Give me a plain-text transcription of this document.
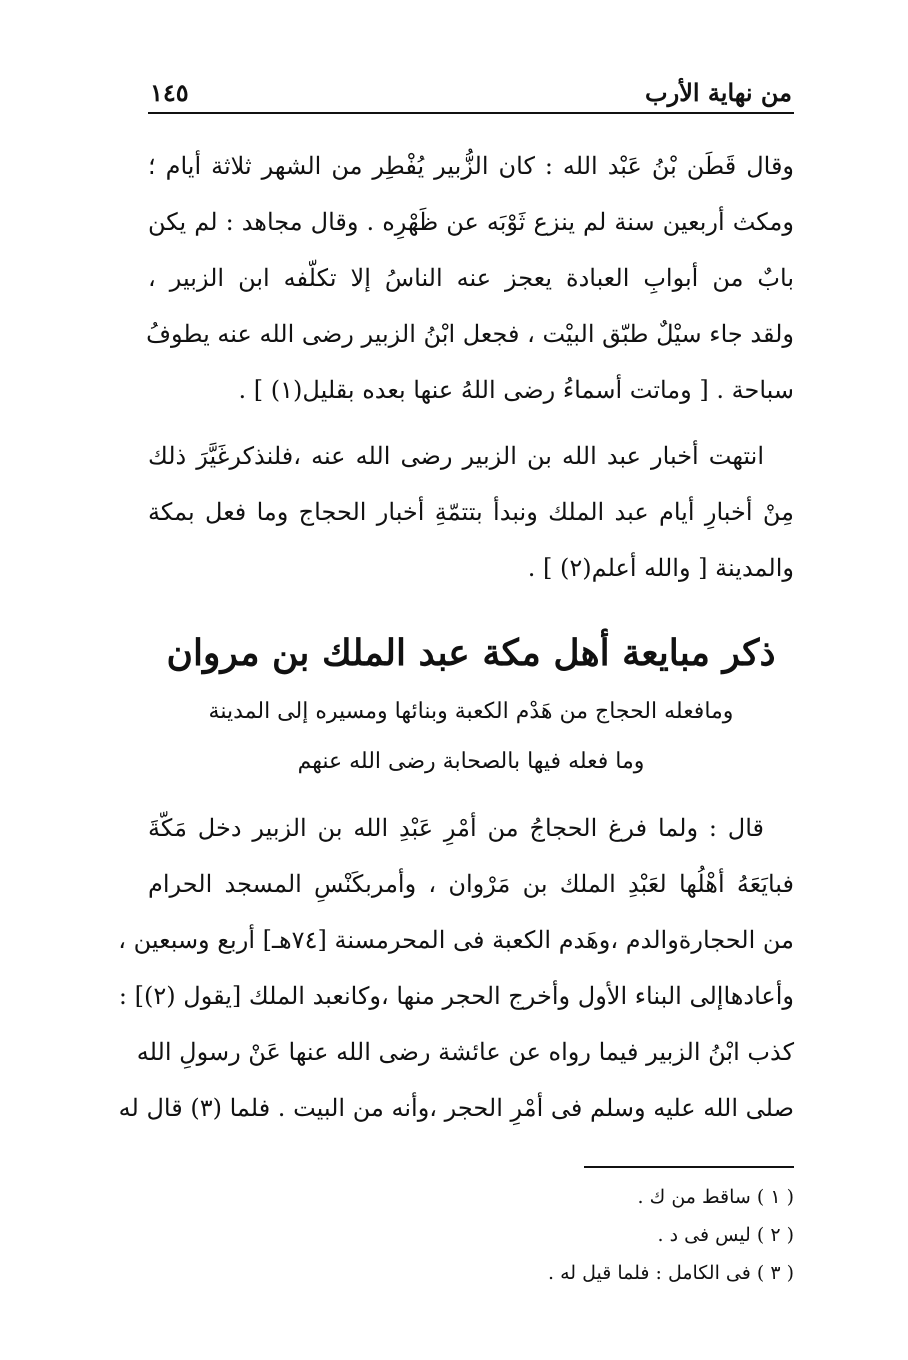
١٤٥	من نهاية الأرب
وقال قَطَن بْنُ عَبْد الله : كان الزُّبير يُفْطِر من الشهر ثلاثة أيام ؛
ومكث أربعين سنة لم ينزع ثَوْبَه عن ظَهْرِه . وقال مجاهد : لم يكن
بابٌ من أبوابِ العبادة يعجز عنه الناسُ إلا تكلّفه ابن الزبير ،
ولقد جاء سيْلٌ طبّق البيْت ، فجعل ابْنُ الزبير رضى الله عنه يطوفُ
سباحة . [ وماتت أسماءُ رضى اللهُ عنها بعده بقليل(١) ] .
انتهت أخبار عبد الله بن الزبير رضى الله عنه ،فلنذكرغَيَّرَ ذلك
مِنْ أخبارِ أيام عبد الملك ونبدأ بتتمّةِ أخبار الحجاج وما فعل بمكة
والمدينة [ والله أعلم(٢) ] .
ذكر مبايعة أهل مكة عبد الملك بن مروان
ومافعله الحجاج من هَدْم الكعبة وبنائها ومسيره إلى المدينة
وما فعله فيها بالصحابة رضى الله عنهم
قال : ولما فرغ الحجاجُ من أمْرِ عَبْدِ الله بن الزبير دخل مَكّةَ
فبايَعَهُ أهْلُها لعَبْدِ الملك بن مَرْوان ، وأمربكَنْسِ المسجد الحرام
من الحجارةوالدم ،وهَدم الكعبة فى المحرمسنة [٧٤هـ] أربع وسبعين ،
وأعادهاإلى البناء الأول وأخرج الحجر منها ،وكانعبد الملك [يقول (٢)] :
كذب ابْنُ الزبير فيما رواه عن عائشة رضى الله عنها عَنْ رسولِ الله
صلى الله عليه وسلم فى أمْرِ الحجر ،وأنه من البيت . فلما (٣) قال له
( ١ ) ساقط من ك .
( ٢ ) ليس فى د .
( ٣ ) فى الكامل : فلما قيل له .
